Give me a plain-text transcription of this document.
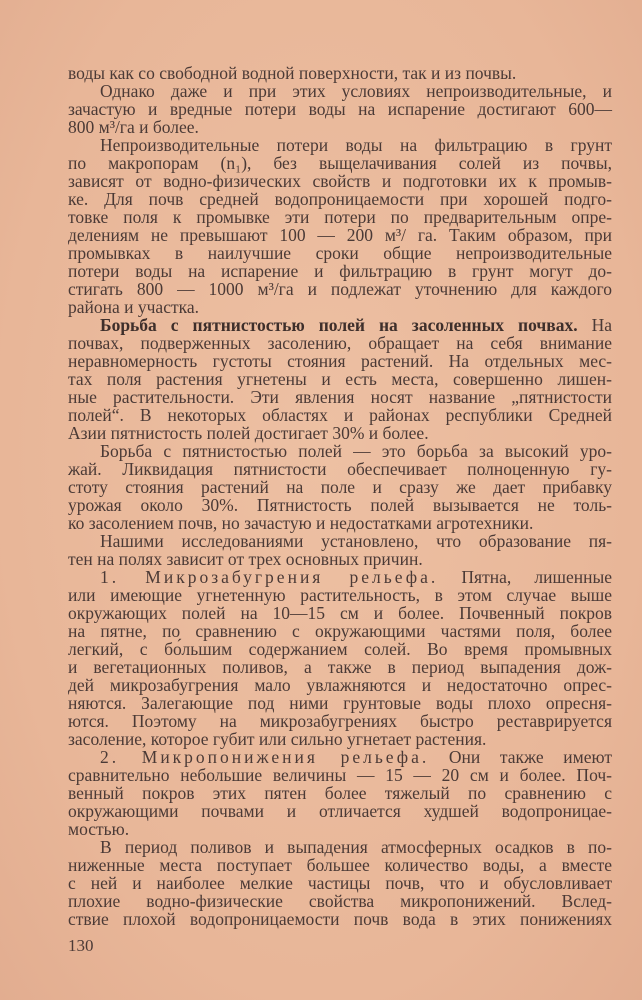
воды как со свободной водной поверхности, так и из почвы.
Однако даже и при этих условиях непроизводительные, и
зачастую и вредные потери воды на испарение достигают 600—
800 м³/га и более.
Непроизводительные потери воды на фильтрацию в грунт
по макропорам (n₁), без выщелачивания солей из почвы,
зависят от водно-физических свойств и подготовки их к промыв-
ке. Для почв средней водопроницаемости при хорошей подго-
товке поля к промывке эти потери по предварительным опре-
делениям не превышают 100 — 200 м³/ га. Таким образом, при
промывках в наилучшие сроки общие непроизводительные
потери воды на испарение и фильтрацию в грунт могут до-
стигать 800 — 1000 м³/га и подлежат уточнению для каждого
района и участка.
Борьба с пятнистостью полей на засоленных почвах. На
почвах, подверженных засолению, обращает на себя внимание
неравномерность густоты стояния растений. На отдельных мес-
тах поля растения угнетены и есть места, совершенно лишен-
ные растительности. Эти явления носят название „пятнистости
полей“. В некоторых областях и районах республики Средней
Азии пятнистость полей достигает 30% и более.
Борьба с пятнистостью полей — это борьба за высокий уро-
жай. Ликвидация пятнистости обеспечивает полноценную гу-
стоту стояния растений на поле и сразу же дает прибавку
урожая около 30%. Пятнистость полей вызывается не толь-
ко засолением почв, но зачастую и недостатками агротехники.
Нашими исследованиями установлено, что образование пя-
тен на полях зависит от трех основных причин.
1. Микрозабугрения рельефа. Пятна, лишенные
или имеющие угнетенную растительность, в этом случае выше
окружающих полей на 10—15 см и более. Почвенный покров
на пятне, по сравнению с окружающими частями поля, более
легкий, с бо́льшим содержанием солей. Во время промывных
и вегетационных поливов, а также в период выпадения дож-
дей микрозабугрения мало увлажняются и недостаточно опрес-
няются. Залегающие под ними грунтовые воды плохо опресня-
ются. Поэтому на микрозабугрениях быстро реставрируется
засоление, которое губит или сильно угнетает растения.
2. Микропонижения рельефа. Они также имеют
сравнительно небольшие величины — 15 — 20 см и более. Поч-
венный покров этих пятен более тяжелый по сравнению с
окружающими почвами и отличается худшей водопроницае-
мостью.
В период поливов и выпадения атмосферных осадков в по-
ниженные места поступает большее количество воды, а вместе
с ней и наиболее мелкие частицы почв, что и обусловливает
плохие водно-физические свойства микропонижений. Вслед-
ствие плохой водопроницаемости почв вода в этих понижениях
130
